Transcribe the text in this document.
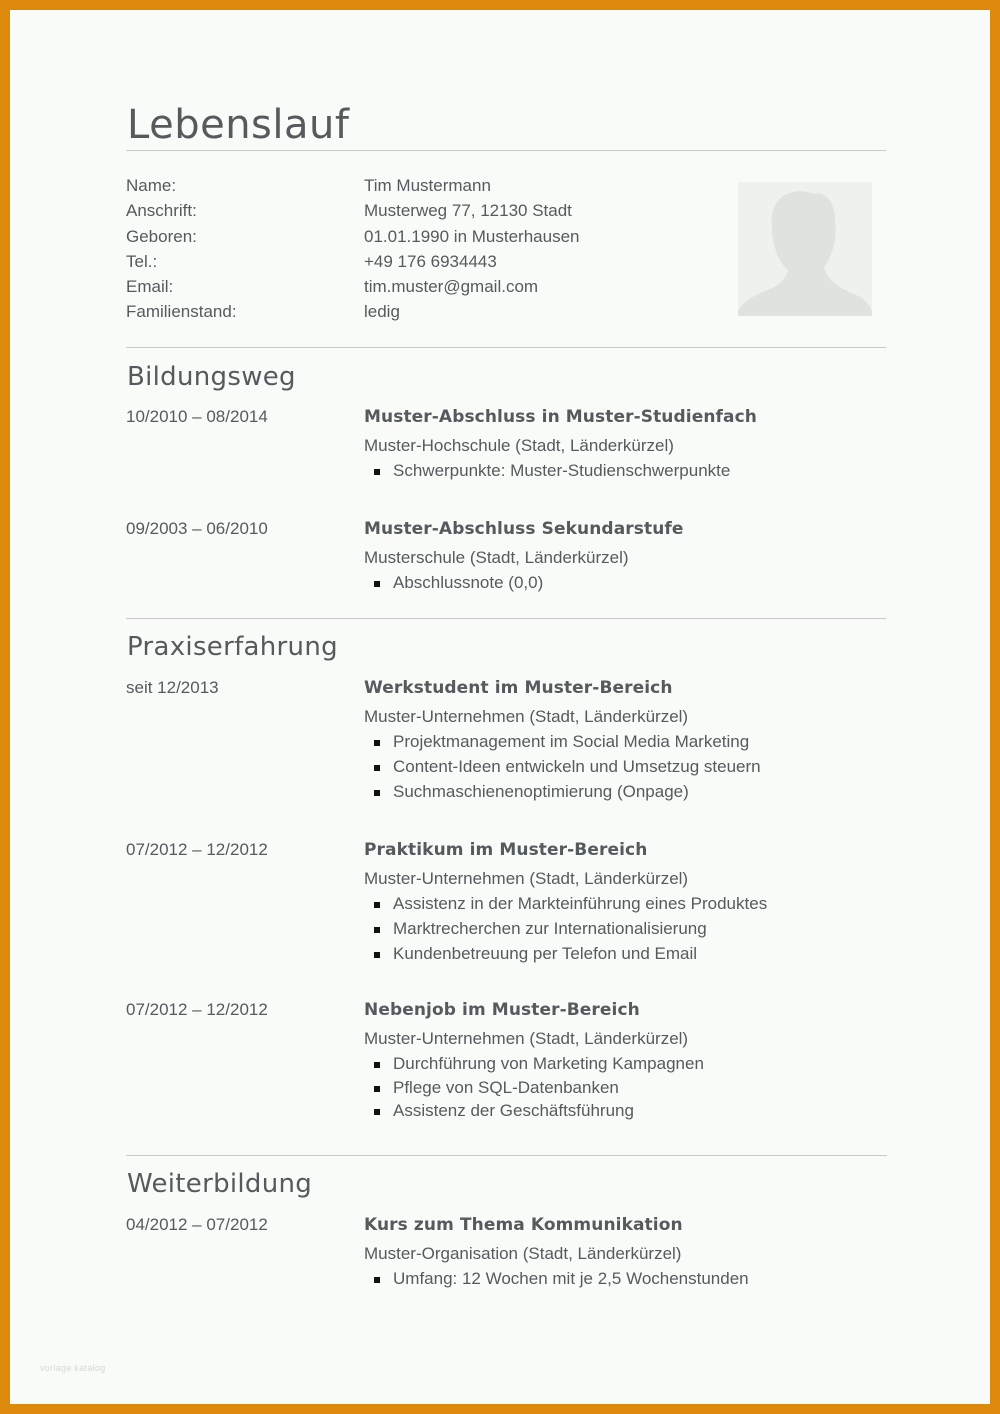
Lebenslauf
Name:	Tim Mustermann
Anschrift:	Musterweg 77, 12130 Stadt
Geboren:	01.01.1990 in Musterhausen
Tel.:	+49 176 6934443
Email:	tim.muster@gmail.com
Familienstand:	ledig
Bildungsweg
10/2010 – 08/2014	Muster-Abschluss in Muster-Studienfach
Muster-Hochschule (Stadt, Länderkürzel)
Schwerpunkte: Muster-Studienschwerpunkte
09/2003 – 06/2010	Muster-Abschluss Sekundarstufe
Musterschule (Stadt, Länderkürzel)
Abschlussnote (0,0)
Praxiserfahrung
seit 12/2013	Werkstudent im Muster-Bereich
Muster-Unternehmen (Stadt, Länderkürzel)
Projektmanagement im Social Media Marketing
Content-Ideen entwickeln und Umsetzug steuern
Suchmaschienenoptimierung (Onpage)
07/2012 – 12/2012	Praktikum im Muster-Bereich
Muster-Unternehmen (Stadt, Länderkürzel)
Assistenz in der Markteinführung eines Produktes
Marktrecherchen zur Internationalisierung
Kundenbetreuung per Telefon und Email
07/2012 – 12/2012	Nebenjob im Muster-Bereich
Muster-Unternehmen (Stadt, Länderkürzel)
Durchführung von Marketing Kampagnen
Pflege von SQL-Datenbanken
Assistenz der Geschäftsführung
Weiterbildung
04/2012 – 07/2012	Kurs zum Thema Kommunikation
Muster-Organisation (Stadt, Länderkürzel)
Umfang: 12 Wochen mit je 2,5 Wochenstunden
vorlage katalog
